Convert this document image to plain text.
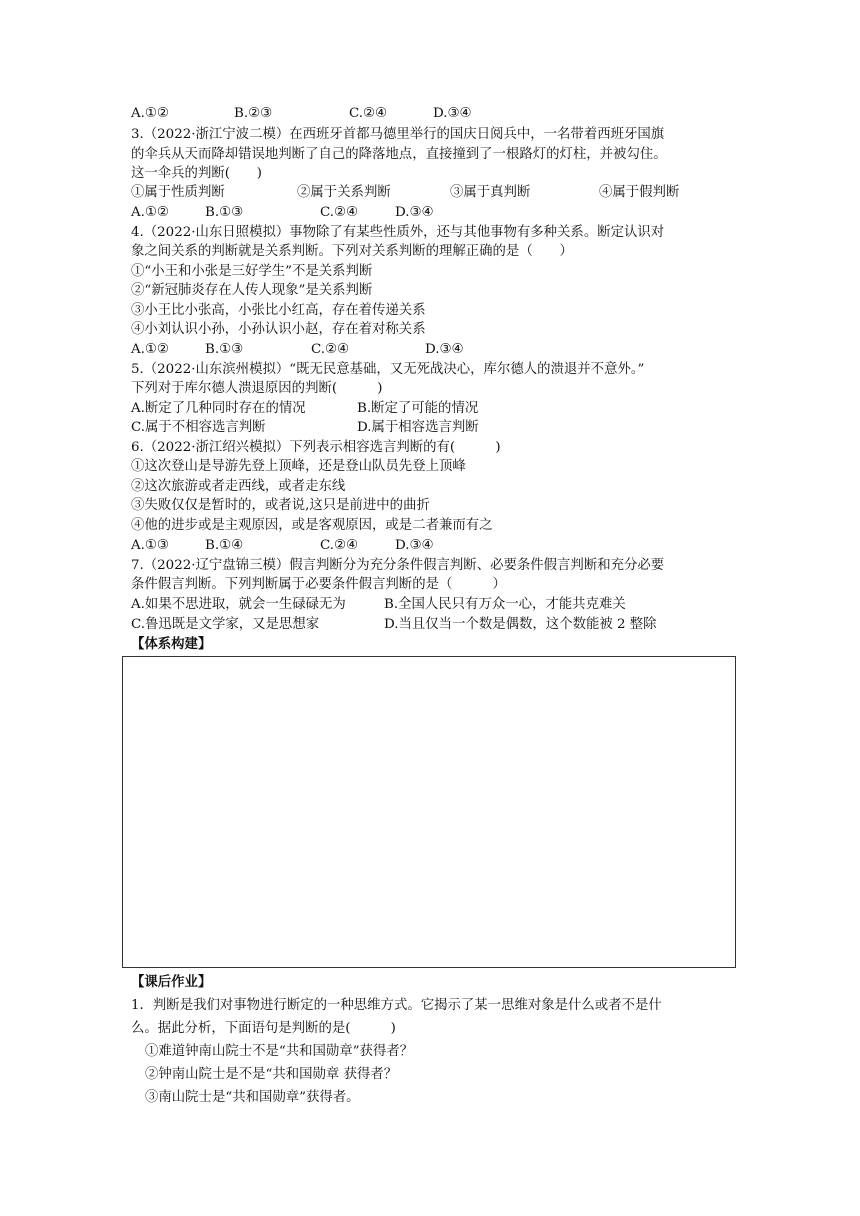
A.①②	B.②③	C.②④	D.③④
3.（2022·浙江宁波二模）在西班牙首都马德里举行的国庆日阅兵中，一名带着西班牙国旗
的伞兵从天而降却错误地判断了自己的降落地点，直接撞到了一根路灯的灯柱，并被勾住。
这一伞兵的判断(　　)
①属于性质判断	②属于关系判断	③属于真判断	④属于假判断
A.①②	B.①③	C.②④	D.③④
4.（2022·山东日照模拟）事物除了有某些性质外，还与其他事物有多种关系。断定认识对
象之间关系的判断就是关系判断。下列对关系判断的理解正确的是（　　）
①“小王和小张是三好学生”不是关系判断
②“新冠肺炎存在人传人现象”是关系判断
③小王比小张高，小张比小红高，存在着传递关系
④小刘认识小孙，小孙认识小赵，存在着对称关系
A.①②	B.①③	C.②④	D.③④
5.（2022·山东滨州模拟）“既无民意基础，又无死战决心，库尔德人的溃退并不意外。”
下列对于库尔德人溃退原因的判断(　　　)
A.断定了几种同时存在的情况	B.断定了可能的情况
C.属于不相容选言判断	D.属于相容选言判断
6.（2022·浙江绍兴模拟）下列表示相容选言判断的有(　　　)
①这次登山是导游先登上顶峰，还是登山队员先登上顶峰
②这次旅游或者走西线，或者走东线
③失败仅仅是暂时的，或者说,这只是前进中的曲折
④他的进步或是主观原因，或是客观原因，或是二者兼而有之
A.①③	B.①④	C.②④	D.③④
7.（2022·辽宁盘锦三模）假言判断分为充分条件假言判断、必要条件假言判断和充分必要
条件假言判断。下列判断属于必要条件假言判断的是（　　　）
A.如果不思进取，就会一生碌碌无为	B.全国人民只有万众一心，才能共克难关
C.鲁迅既是文学家，又是思想家	D.当且仅当一个数是偶数，这个数能被 2 整除
【体系构建】
【课后作业】
1．判断是我们对事物进行断定的一种思维方式。它揭示了某一思维对象是什么或者不是什
么。据此分析，下面语句是判断的是(　　　)
①难道钟南山院士不是“共和国勋章”获得者？
②钟南山院士是不是“共和国勋章 获得者？
③南山院士是“共和国勋章”获得者。
